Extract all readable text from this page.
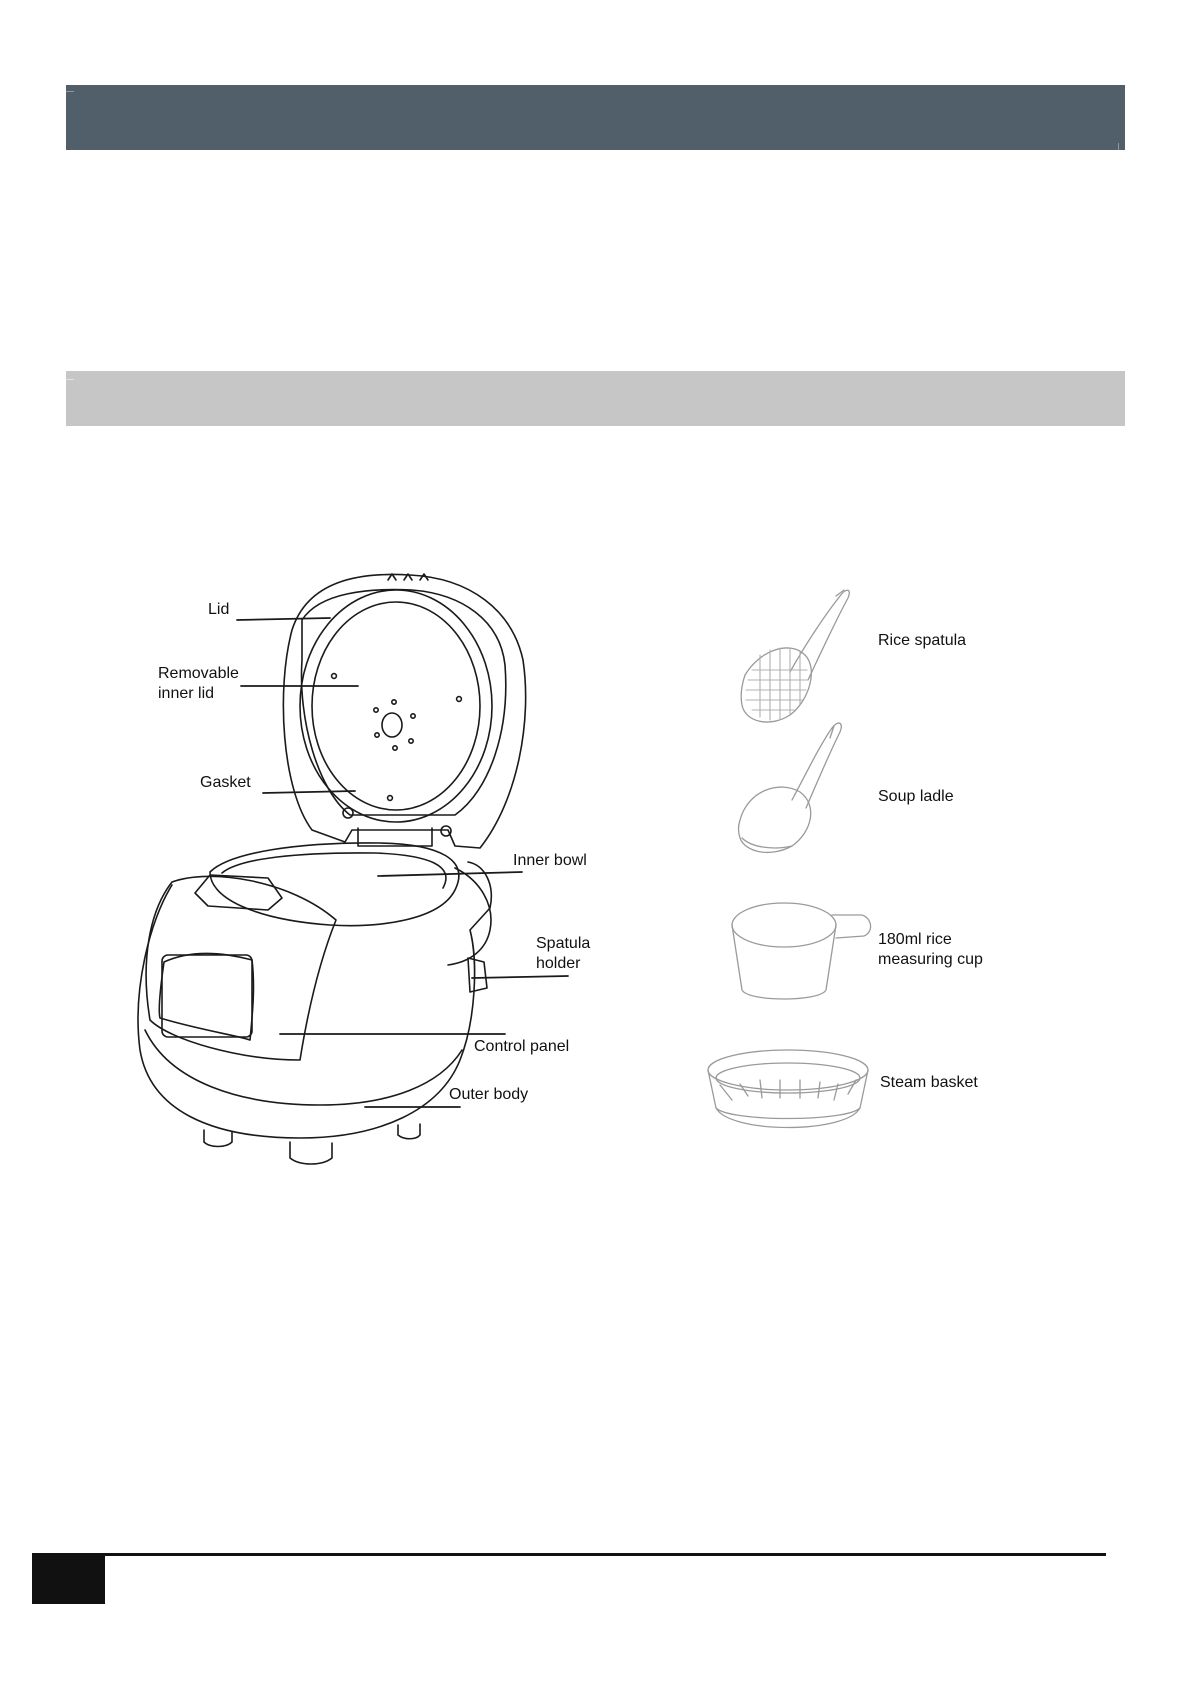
Lid
Removable
inner lid
Gasket
Inner bowl
Spatula
holder
Control panel
Outer body
Rice spatula
Soup ladle
180ml rice
measuring cup
Steam basket
